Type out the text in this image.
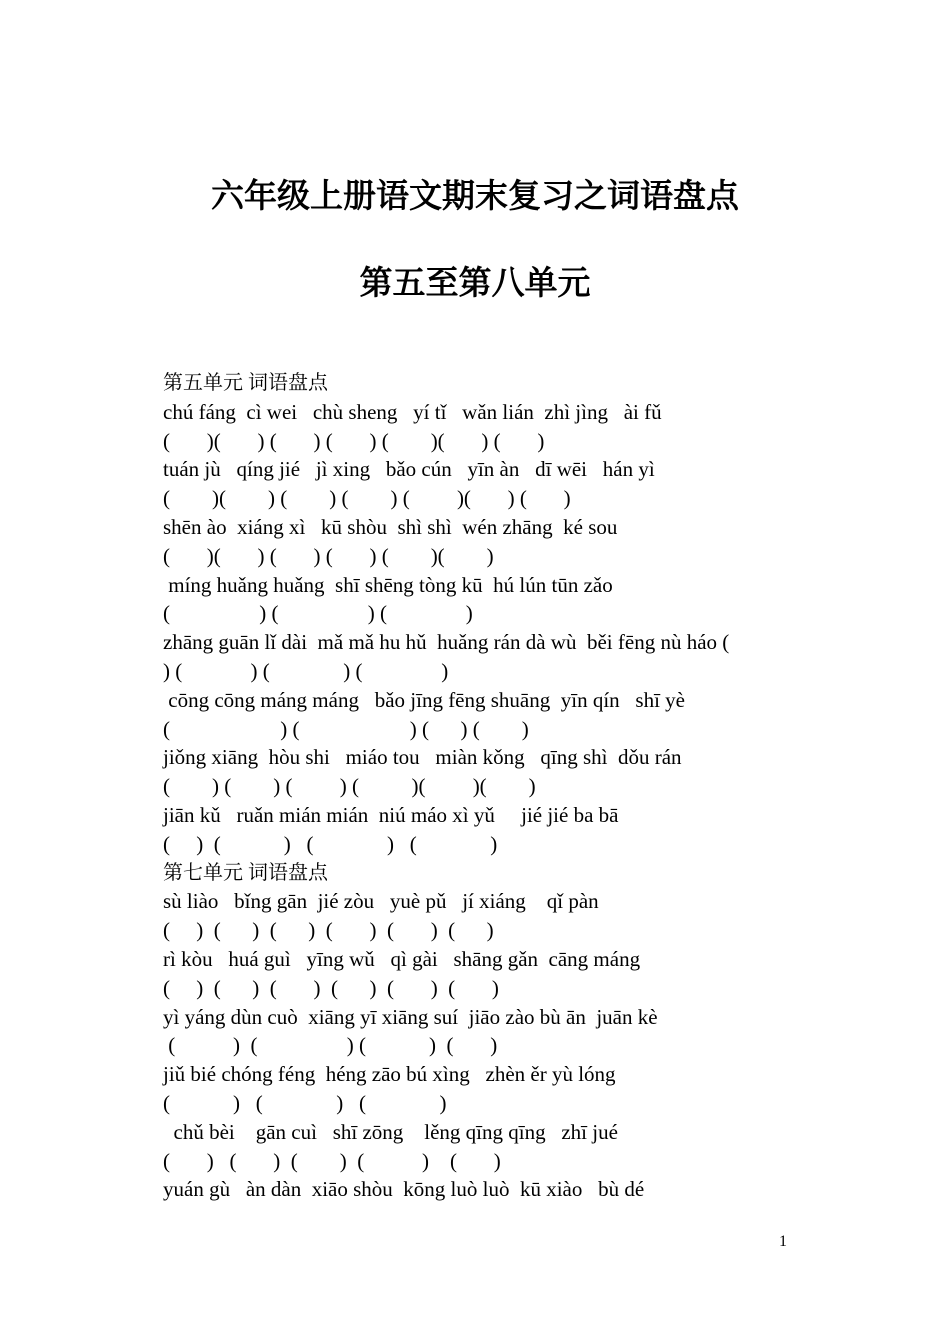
六年级上册语文期末复习之词语盘点
第五至第八单元
第五单元 词语盘点
chú fáng  cì wei   chù sheng   yí tǐ   wǎn lián  zhì jìng   ài fǔ
(       )(       ) (       ) (       ) (        )(       ) (       )
tuán jù   qíng jié   jì xing   bǎo cún   yīn àn   dī wēi   hán yì
(        )(        ) (        ) (        ) (         )(       ) (       )
shēn ào  xiáng xì   kū shòu  shì shì  wén zhāng  ké sou
(       )(       ) (       ) (       ) (        )(        )
míng huǎng huǎng  shī shēng tòng kū  hú lún tūn zǎo
(                 ) (                 ) (               )
zhāng guān lǐ dài  mǎ mǎ hu hǔ  huǎng rán dà wù  běi fēng nù háo (
) (             ) (              ) (               )
cōng cōng máng máng   bǎo jīng fēng shuāng  yīn qín   shī yè
(                     ) (                     ) (      ) (        )
jiǒng xiāng  hòu shi   miáo tou   miàn kǒng   qīng shì  dǒu rán
(        ) (        ) (         ) (          )(         )(        )
jiān kǔ   ruǎn mián mián  niú máo xì yǔ     jié jié ba bā
(     )  (            )   (              )   (              )
第七单元 词语盘点
sù liào   bǐng gān  jié zòu   yuè pǔ   jí xiáng    qǐ pàn
(     )  (      )  (      )  (       )  (       )  (      )
rì kòu   huá guì   yīng wǔ   qì gài   shāng gǎn  cāng máng
(     )  (      )  (       )  (      )  (       )  (       )
yì yáng dùn cuò  xiāng yī xiāng suí  jiāo zào bù ān  juān kè
(           )  (                 ) (            )  (       )
jiǔ bié chóng féng  héng zāo bú xìng   zhèn ěr yù lóng
(            )   (              )   (              )
chǔ bèi    gān cuì   shī zōng    lěng qīng qīng   zhī jué
(       )   (       )  (        )  (           )    (       )
yuán gù   àn dàn  xiāo shòu  kōng luò luò  kū xiào   bù dé
1
